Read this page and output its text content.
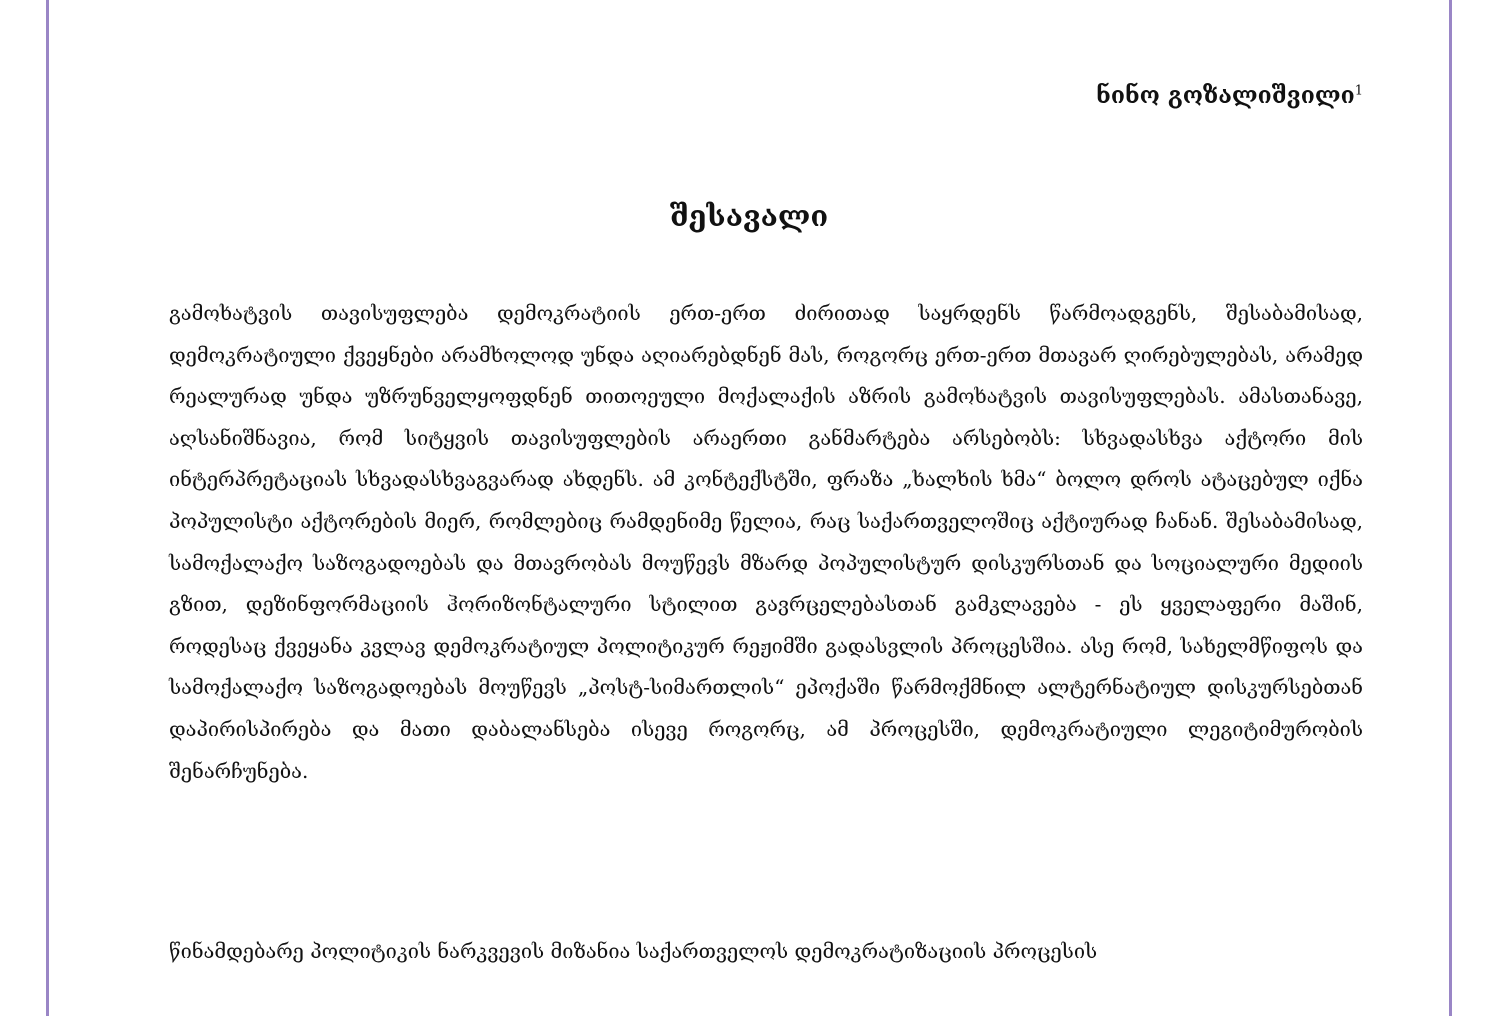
ნინო გოზალიშვილი$^1$
შესავალი

გამოხატვის თავისუფლება დემოკრატიის ერთ-ერთ ძირითად საყრდენს წარმოადგენს, შესაბამისად, დემოკრატიული ქვეყნები არამხოლოდ უნდა აღიარებდნენ მას, როგორც ერთ-ერთ მთავარ ღირებულებას, არამედ რეალურად უნდა უზრუნველყოფდნენ თითოეული მოქალაქის აზრის გამოხატვის თავისუფლებას. ამასთანავე, აღსანიშნავია, რომ სიტყვის თავისუფლების არაერთი განმარტება არსებობს: სხვადასხვა აქტორი მის ინტერპრეტაციას სხვადასხვაგვარად ახდენს. ამ კონტექსტში, ფრაზა „ხალხის ხმა“ ბოლო დროს ატაცებულ იქნა პოპულისტი აქტორების მიერ, რომლებიც რამდენიმე წელია, რაც საქართველოშიც აქტიურად ჩანან. შესაბამისად, სამოქალაქო საზოგადოებას და მთავრობას მოუწევს მზარდ პოპულისტურ დისკურსთან და სოციალური მედიის გზით, დეზინფორმაციის ჰორიზონტალური სტილით გავრცელებასთან გამკლავება - ეს ყველაფერი მაშინ, როდესაც ქვეყანა კვლავ დემოკრატიულ პოლიტიკურ რეჟიმში გადასვლის პროცესშია. ასე რომ, სახელმწიფოს და სამოქალაქო საზოგადოებას მოუწევს „პოსტ-სიმართლის“ ეპოქაში წარმოქმნილ ალტერნატიულ დისკურსებთან დაპირისპირება და მათი დაბალანსება ისევე როგორც, ამ პროცესში, დემოკრატიული ლეგიტიმურობის შენარჩუნება.

წინამდებარე პოლიტიკის ნარკვევის მიზანია საქართველოს დემოკრატიზაციის პროცესის
